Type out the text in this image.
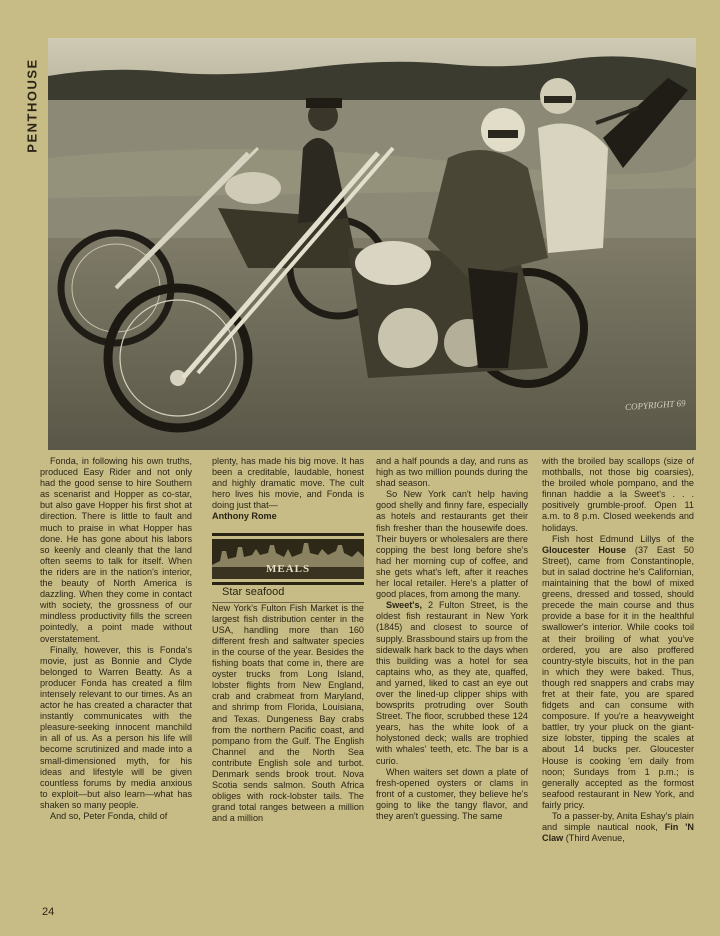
PENTHOUSE
COPYRIGHT 69

Fonda, in following his own truths, produced Easy Rider and not only had the good sense to hire Southern as scenarist and Hopper as co-star, but also gave Hopper his first shot at direction. There is little to fault and much to praise in what Hopper has done. He has gone about his labors so keenly and cleanly that the land often seems to talk for itself. When the riders are in the nation's interior, the beauty of North America is dazzling. When they come in contact with society, the grossness of our mindless productivity fills the screen pointedly, a point made without overstatement.

Finally, however, this is Fonda's movie, just as Bonnie and Clyde belonged to Warren Beatty. As a producer Fonda has created a film intensely relevant to our times. As an actor he has created a character that instantly communicates with the pleasure-seeking innocent manchild in all of us. As a person his life will become scrutinized and made into a small-dimensioned myth, for his ideas and lifestyle will be given countless forums by media anxious to exploit—but also learn—what has shaken so many people.

And so, Peter Fonda, child of

plenty, has made his big move. It has been a creditable, laudable, honest and highly dramatic move. The cult hero lives his movie, and Fonda is doing just that—

Anthony Rome

MEALS

Star seafood

New York's Fulton Fish Market is the largest fish distribution center in the USA, handling more than 160 different fresh and saltwater species in the course of the year. Besides the fishing boats that come in, there are oyster trucks from Long Island, lobster flights from New England, crab and crabmeat from Maryland, and shrimp from Florida, Louisiana, and Texas. Dungeness Bay crabs from the northern Pacific coast, and pompano from the Gulf. The English Channel and the North Sea contribute English sole and turbot. Denmark sends brook trout. Nova Scotia sends salmon. South Africa obliges with rock-lobster tails. The grand total ranges between a million and a million

and a half pounds a day, and runs as high as two million pounds during the shad season.

So New York can't help having good shelly and finny fare, especially as hotels and restaurants get their fish fresher than the housewife does. Their buyers or wholesalers are there copping the best long before she's had her morning cup of coffee, and she gets what's left, after it reaches her local retailer. Here's a platter of good places, from among the many.

Sweet's, 2 Fulton Street, is the oldest fish restaurant in New York (1845) and closest to source of supply. Brassbound stairs up from the sidewalk hark back to the days when this building was a hotel for sea captains who, as they ate, quaffed, and yarned, liked to cast an eye out over the lined-up clipper ships with bowsprits protruding over South Street. The floor, scrubbed these 124 years, has the white look of a holystoned deck; walls are trophied with whales' teeth, etc. The bar is a curio.

When waiters set down a plate of fresh-opened oysters or clams in front of a customer, they believe he's going to like the tangy flavor, and they aren't guessing. The same

with the broiled bay scallops (size of mothballs, not those big coarsies), the broiled whole pompano, and the finnan haddie a la Sweet's . . . positively grumble-proof. Open 11 a.m. to 8 p.m. Closed weekends and holidays.

Fish host Edmund Lillys of the Gloucester House (37 East 50 Street), came from Constantinople, but in salad doctrine he's Californian, maintaining that the bowl of mixed greens, dressed and tossed, should precede the main course and thus provide a base for it in the healthful swallower's interior. While cooks toil at their broiling of what you've ordered, you are also proffered country-style biscuits, hot in the pan in which they were baked. Thus, though red snappers and crabs may fret at their fate, you are spared fidgets and can consume with composure. If you're a heavyweight battler, try your pluck on the giant-size lobster, tipping the scales at about 14 bucks per. Gloucester House is cooking 'em daily from noon; Sundays from 1 p.m.; is generally accepted as the formost seafood restaurant in New York, and fairly pricy.

To a passer-by, Anita Eshay's plain and simple nautical nook, Fin 'N Claw (Third Avenue,

24
